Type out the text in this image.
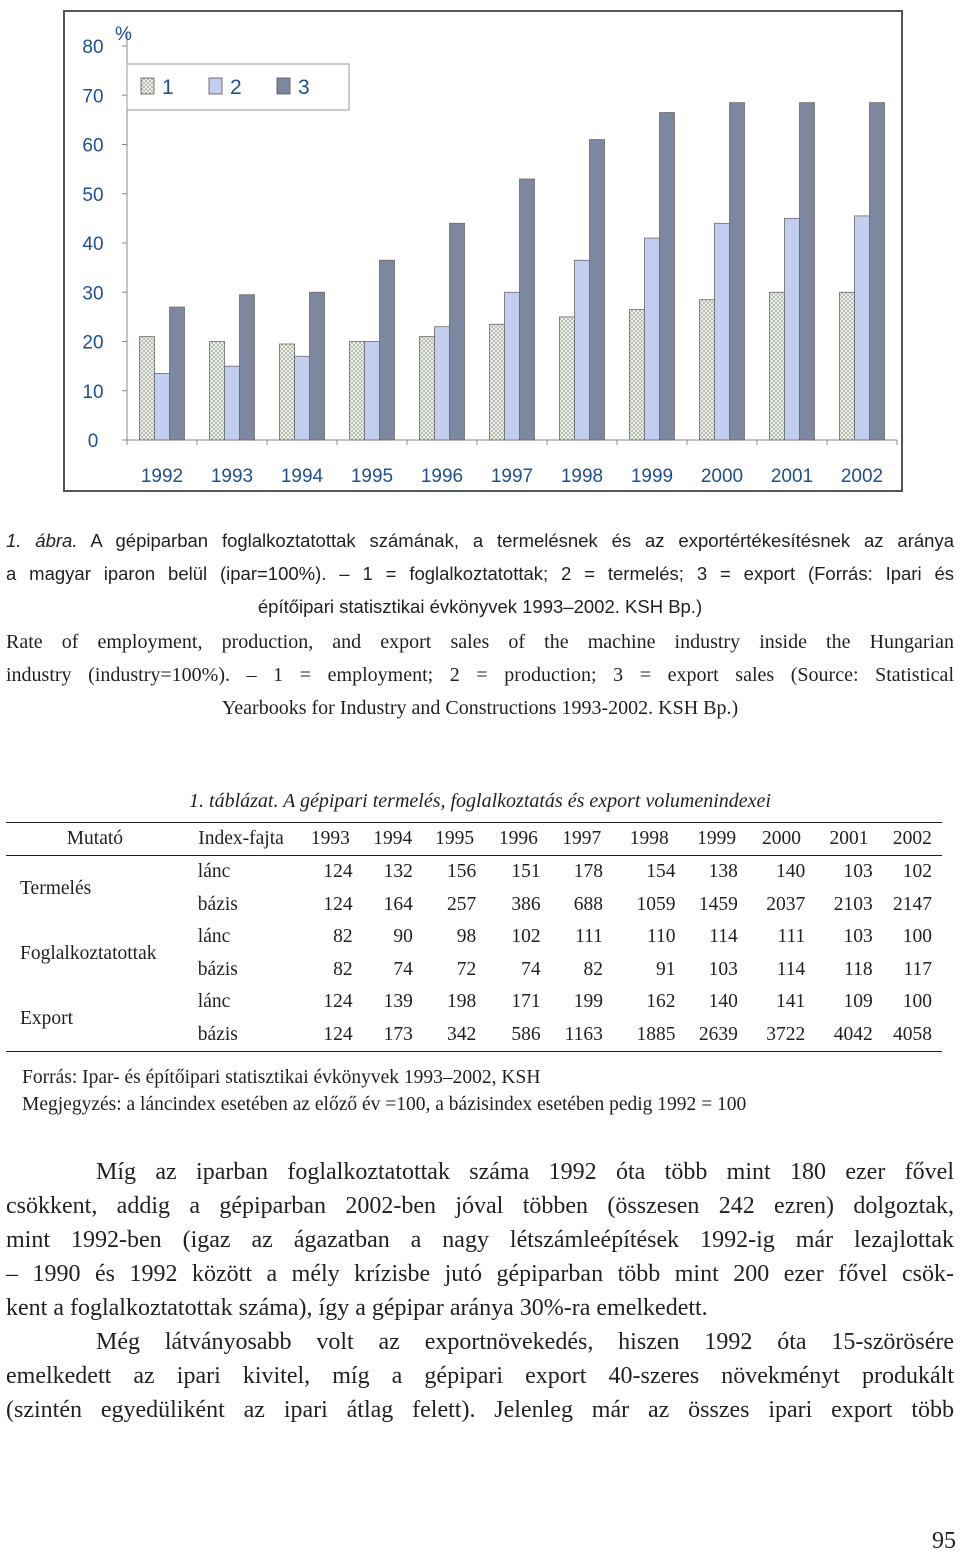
0
10
20
30
40
50
60
70
80
%
1992 1993 1994 1995 1996 1997 1998 1999 2000 2001 2002
1	2	3
1. ábra. A gépiparban foglalkoztatottak számának, a termelésnek és az exportértékesítésnek az aránya
a magyar iparon belül (ipar=100%). – 1 = foglalkoztatottak; 2 = termelés; 3 = export (Forrás: Ipari és
építőipari statisztikai évkönyvek 1993–2002. KSH Bp.)
Rate of employment, production, and export sales of the machine industry inside the Hungarian
industry (industry=100%). – 1 = employment; 2 = production; 3 = export sales (Source: Statistical
Yearbooks for Industry and Constructions 1993-2002. KSH Bp.)
1. táblázat. A gépipari termelés, foglalkoztatás és export volumenindexei
Mutató	Index-fajta	1993	1994	1995	1996	1997	1998	1999	2000	2001	2002
Termelés	lánc	124	132	156	151	178	154	138	140	103	102
	bázis	124	164	257	386	688	1059	1459	2037	2103	2147
Foglalkoztatottak	lánc	82	90	98	102	111	110	114	111	103	100
	bázis	82	74	72	74	82	91	103	114	118	117
Export	lánc	124	139	198	171	199	162	140	141	109	100
	bázis	124	173	342	586	1163	1885	2639	3722	4042	4058
Forrás: Ipar- és építőipari statisztikai évkönyvek 1993–2002, KSH
Megjegyzés: a láncindex esetében az előző év =100, a bázisindex esetében pedig 1992 = 100
Míg az iparban foglalkoztatottak száma 1992 óta több mint 180 ezer fővel
csökkent, addig a gépiparban 2002-ben jóval többen (összesen 242 ezren) dolgoztak,
mint 1992-ben (igaz az ágazatban a nagy létszámleépítések 1992-ig már lezajlottak
– 1990 és 1992 között a mély krízisbe jutó gépiparban több mint 200 ezer fővel csök-
kent a foglalkoztatottak száma), így a gépipar aránya 30%-ra emelkedett.
Még látványosabb volt az exportnövekedés, hiszen 1992 óta 15-szörösére
emelkedett az ipari kivitel, míg a gépipari export 40-szeres növekményt produkált
(szintén egyedüliként az ipari átlag felett). Jelenleg már az összes ipari export több
95
